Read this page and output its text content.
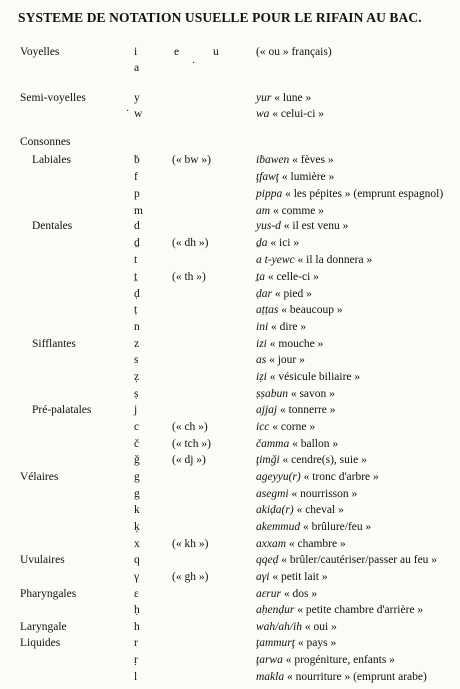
SYSTEME DE NOTATION USUELLE POUR LE RIFAIN AU BAC.
Voyelles	i	e	u	(« ou » français)
a	·
Semi-voyelles	y	yur « lune »
· w	wa « celui-ci »
Consonnes
Labiales	ḃ	(« bw »)	iḃawen « fèves »
f	ţfawţ « lumière »
p	pippa « les pépites » (emprunt espagnol)
m	am « comme »
Dentales	d	yus-d « il est venu »
ḏ	(« dh »)	ḏa « ici »
t	a t-yewc « il la donnera »
ṯ	(« th »)	ṯa « celle-ci »
ḍ	ḍar « pied »
ṭ	aṭṭas « beaucoup »
n	ini « dire »
Sifflantes	z	izi « mouche »
s	as « jour »
ẓ	iẓi « vésicule biliaire »
ṣ	ṣṣabun « savon »
Pré-palatales	j	ajjaj « tonnerre »
c	(« ch »)	icc « corne »
č	(« tch »)	čamma « ballon »
ǧ	(« dj »)	ţimǧi « cendre(s), suie »
Vélaires	g	ageyyu(r) « tronc d'arbre »
g	asegmi « nourrisson »
k	akiḍa(r) « cheval »
ķ	akemmud « brûlure/feu »
x	(« kh »)	axxam « chambre »
Uvulaires	q	qqeḍ « brûler/cautériser/passer au feu »
γ	(« gh »)	aγi « petit lait »
Pharyngales	ε	aεrur « dos »
ḥ	aḥenḍur « petite chambre d'arrière »
Laryngale	h	wah/ah/ih « oui »
Liquides	r	ţammurţ « pays »
ṛ	ţarwa « progéniture, enfants »
l	makla « nourriture » (emprunt arabe)
